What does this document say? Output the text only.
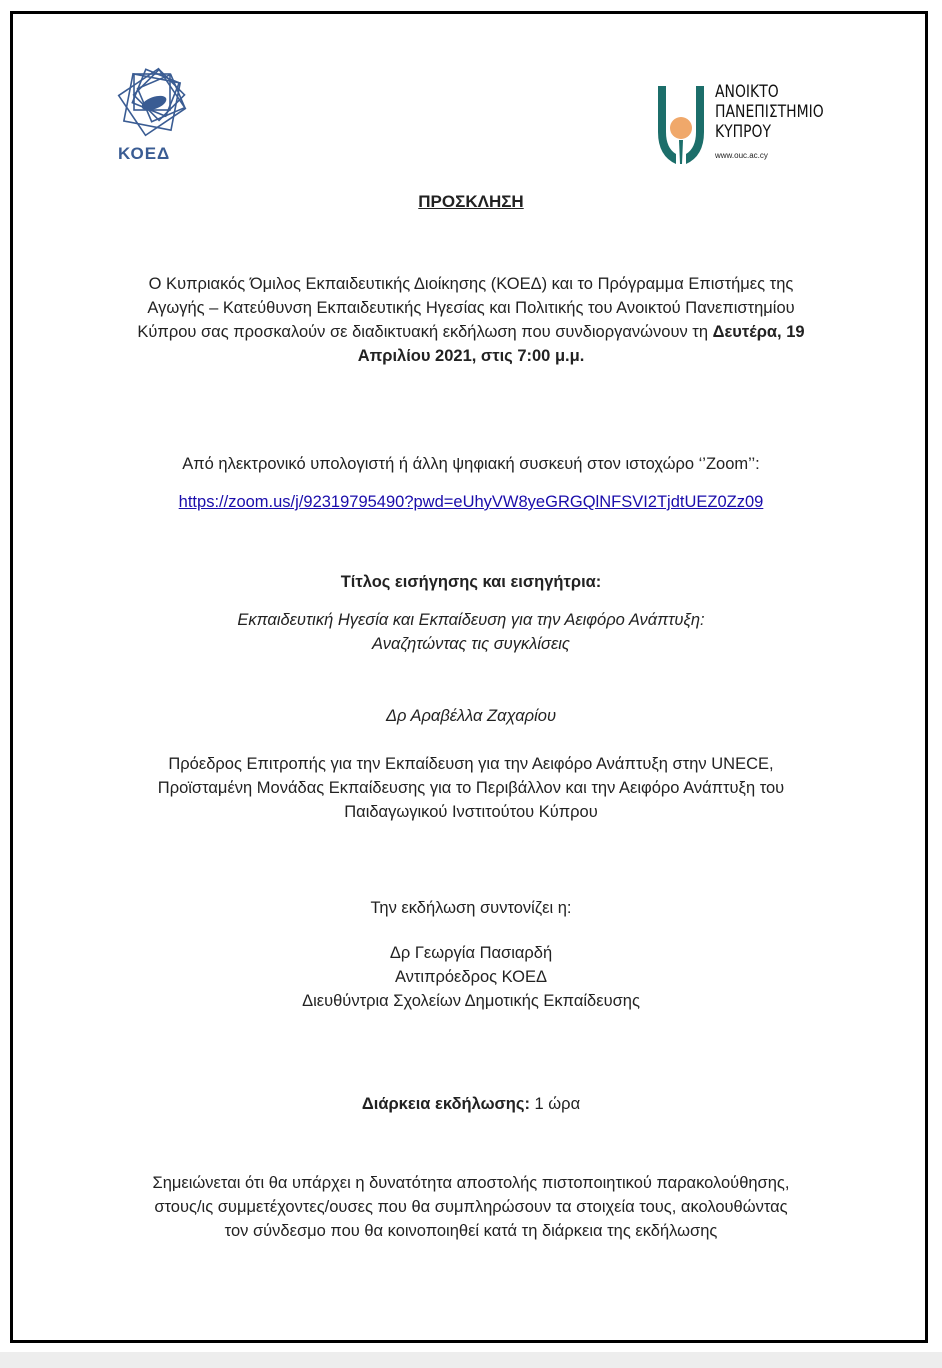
ΚΟΕΔ
ΑΝΟΙΚΤΟ
ΠΑΝΕΠΙΣΤΗΜΙΟ
ΚΥΠΡΟΥ
www.ouc.ac.cy
ΠΡΟΣΚΛΗΣΗ
Ο Κυπριακός Όμιλος Εκπαιδευτικής Διοίκησης (ΚΟΕΔ) και το Πρόγραμμα Επιστήμες της
Αγωγής – Κατεύθυνση Εκπαιδευτικής Ηγεσίας και Πολιτικής του Ανοικτού Πανεπιστημίου
Κύπρου σας προσκαλούν σε διαδικτυακή εκδήλωση που συνδιοργανώνουν τη Δευτέρα, 19
Απριλίου 2021, στις 7:00 μ.μ.
Από ηλεκτρονικό υπολογιστή ή άλλη ψηφιακή συσκευή στον ιστοχώρο ‘’Zoom’’:
https://zoom.us/j/92319795490?pwd=eUhyVW8yeGRGQlNFSVI2TjdtUEZ0Zz09
Τίτλος εισήγησης και εισηγήτρια:
Εκπαιδευτική Ηγεσία και Εκπαίδευση για την Αειφόρο Ανάπτυξη:
Αναζητώντας τις συγκλίσεις
Δρ Αραβέλλα Ζαχαρίου
Πρόεδρος Επιτροπής για την Εκπαίδευση για την Αειφόρο Ανάπτυξη στην UNECE,
Προϊσταμένη Μονάδας Εκπαίδευσης για το Περιβάλλον και την Αειφόρο Ανάπτυξη του
Παιδαγωγικού Ινστιτούτου Κύπρου
Την εκδήλωση συντονίζει η:
Δρ Γεωργία Πασιαρδή
Αντιπρόεδρος ΚΟΕΔ
Διευθύντρια Σχολείων Δημοτικής Εκπαίδευσης
Διάρκεια εκδήλωσης: 1 ώρα
Σημειώνεται ότι θα υπάρχει η δυνατότητα αποστολής πιστοποιητικού παρακολούθησης,
στους/ις συμμετέχοντες/ουσες που θα συμπληρώσουν τα στοιχεία τους, ακολουθώντας
τον σύνδεσμο που θα κοινοποιηθεί κατά τη διάρκεια της εκδήλωσης
